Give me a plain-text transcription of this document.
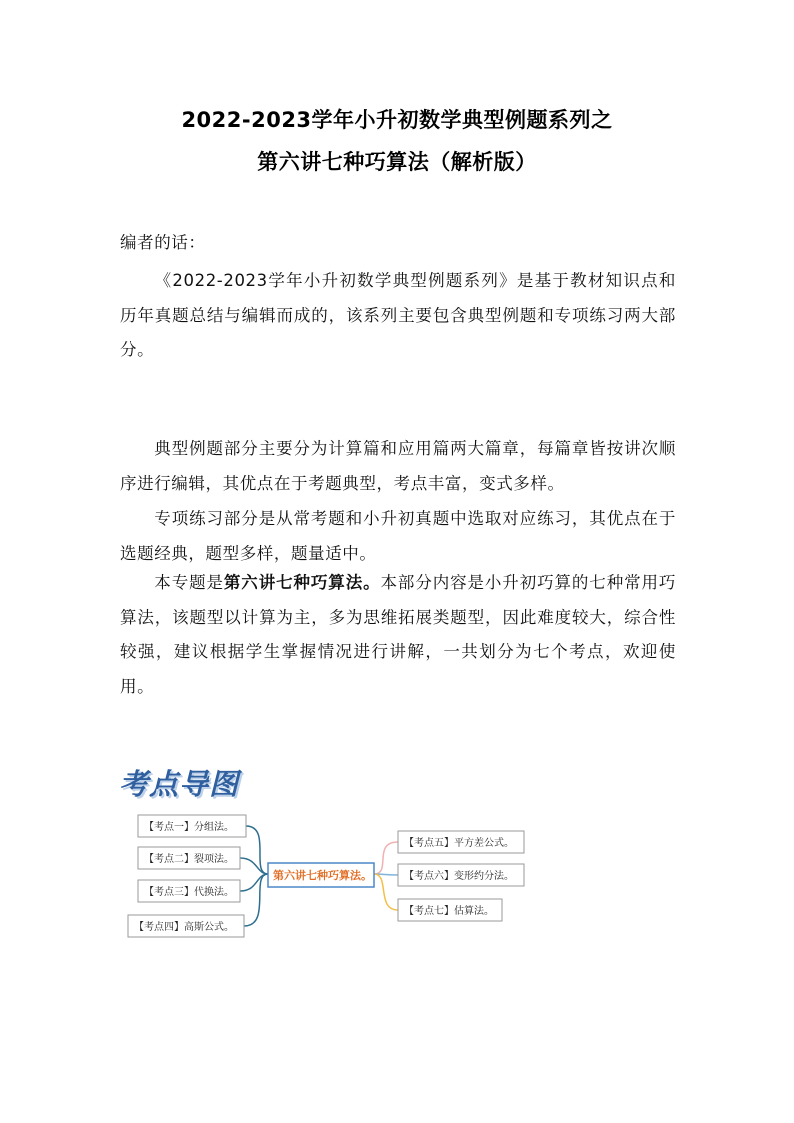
2022-2023学年小升初数学典型例题系列之
第六讲七种巧算法（解析版）

编者的话：

《2022-2023学年小升初数学典型例题系列》是基于教材知识点和历年真题总结与编辑而成的，该系列主要包含典型例题和专项练习两大部分。

典型例题部分主要分为计算篇和应用篇两大篇章，每篇章皆按讲次顺序进行编辑，其优点在于考题典型，考点丰富，变式多样。

专项练习部分是从常考题和小升初真题中选取对应练习，其优点在于选题经典，题型多样，题量适中。

本专题是第六讲七种巧算法。本部分内容是小升初巧算的七种常用巧算法，该题型以计算为主，多为思维拓展类题型，因此难度较大，综合性较强，建议根据学生掌握情况进行讲解，一共划分为七个考点，欢迎使用。

考点导图
【考点一】分组法。
【考点二】裂项法。
【考点三】代换法。
【考点四】高斯公式。
第六讲七种巧算法。
【考点五】平方差公式。
【考点六】变形约分法。
【考点七】估算法。
